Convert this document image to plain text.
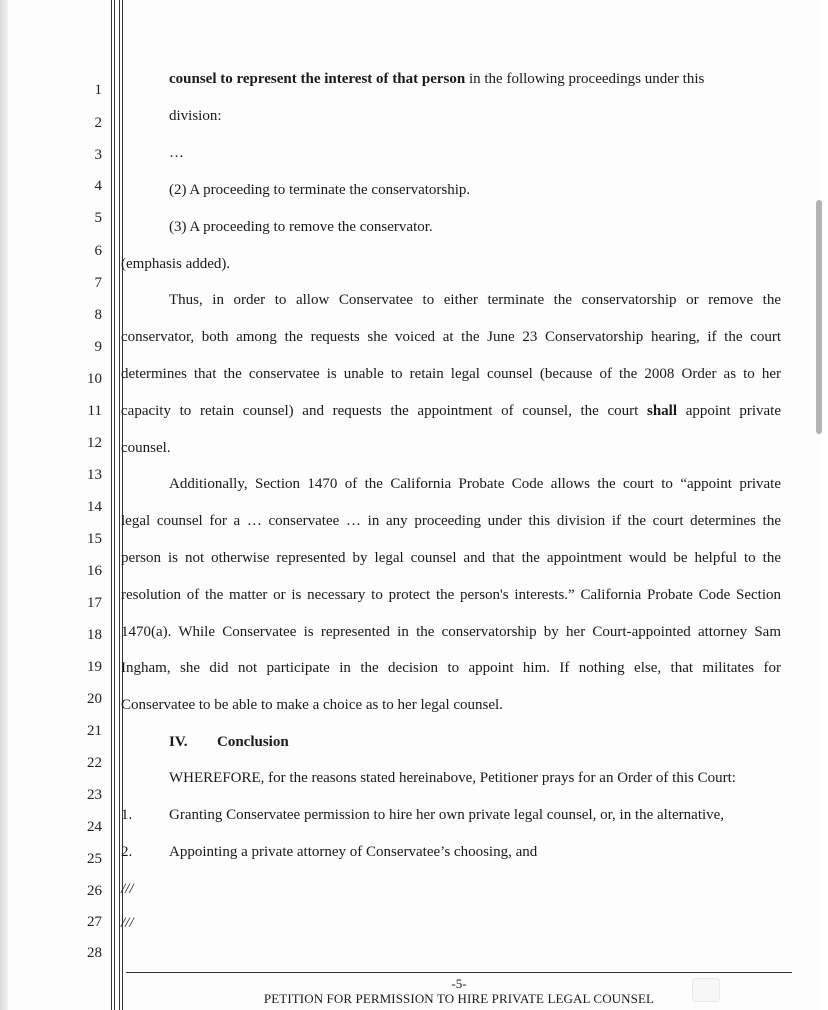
1
2
3
4
5
6
7
8
9
10
11
12
13
14
15
16
17
18
19
20
21
22
23
24
25
26
27
28
counsel to represent the interest of that person in the following proceedings under this
division:
…
(2) A proceeding to terminate the conservatorship.
(3) A proceeding to remove the conservator.
(emphasis added).
Thus, in order to allow Conservatee to either terminate the conservatorship or remove the
conservator, both among the requests she voiced at the June 23 Conservatorship hearing, if the court
determines that the conservatee is unable to retain legal counsel (because of the 2008 Order as to her
capacity to retain counsel) and requests the appointment of counsel, the court shall appoint private
counsel.
Additionally, Section 1470 of the California Probate Code allows the court to “appoint private
legal counsel for a … conservatee … in any proceeding under this division if the court determines the
person is not otherwise represented by legal counsel and that the appointment would be helpful to the
resolution of the matter or is necessary to protect the person's interests.” California Probate Code Section
1470(a). While Conservatee is represented in the conservatorship by her Court-appointed attorney Sam
Ingham, she did not participate in the decision to appoint him. If nothing else, that militates for
Conservatee to be able to make a choice as to her legal counsel.
IV. Conclusion
WHEREFORE, for the reasons stated hereinabove, Petitioner prays for an Order of this Court:
1. Granting Conservatee permission to hire her own private legal counsel, or, in the alternative,
2. Appointing a private attorney of Conservatee’s choosing, and
///
///
-5-
PETITION FOR PERMISSION TO HIRE PRIVATE LEGAL COUNSEL
